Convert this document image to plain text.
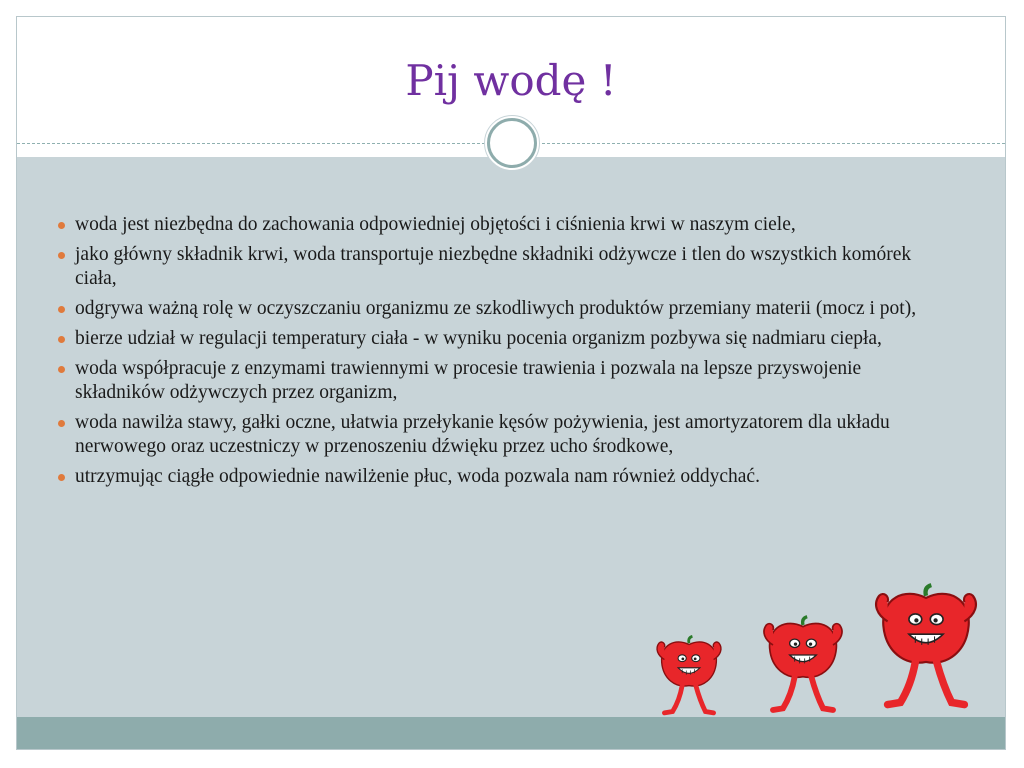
Pij wodę !
woda jest niezbędna do zachowania odpowiedniej objętości i ciśnienia krwi w naszym ciele,
jako główny składnik krwi, woda transportuje niezbędne składniki odżywcze i tlen do wszystkich komórek ciała,
odgrywa ważną rolę w oczyszczaniu organizmu ze szkodliwych produktów przemiany materii (mocz i pot),
bierze udział w regulacji temperatury ciała - w wyniku pocenia organizm pozbywa się nadmiaru ciepła,
woda współpracuje z enzymami trawiennymi w procesie trawienia i pozwala na lepsze przyswojenie składników odżywczych przez organizm,
woda nawilża stawy, gałki oczne, ułatwia przełykanie kęsów pożywienia, jest amortyzatorem dla układu nerwowego oraz uczestniczy w przenoszeniu dźwięku przez ucho środkowe,
utrzymując ciągłe odpowiednie nawilżenie płuc, woda pozwala nam również oddychać.
